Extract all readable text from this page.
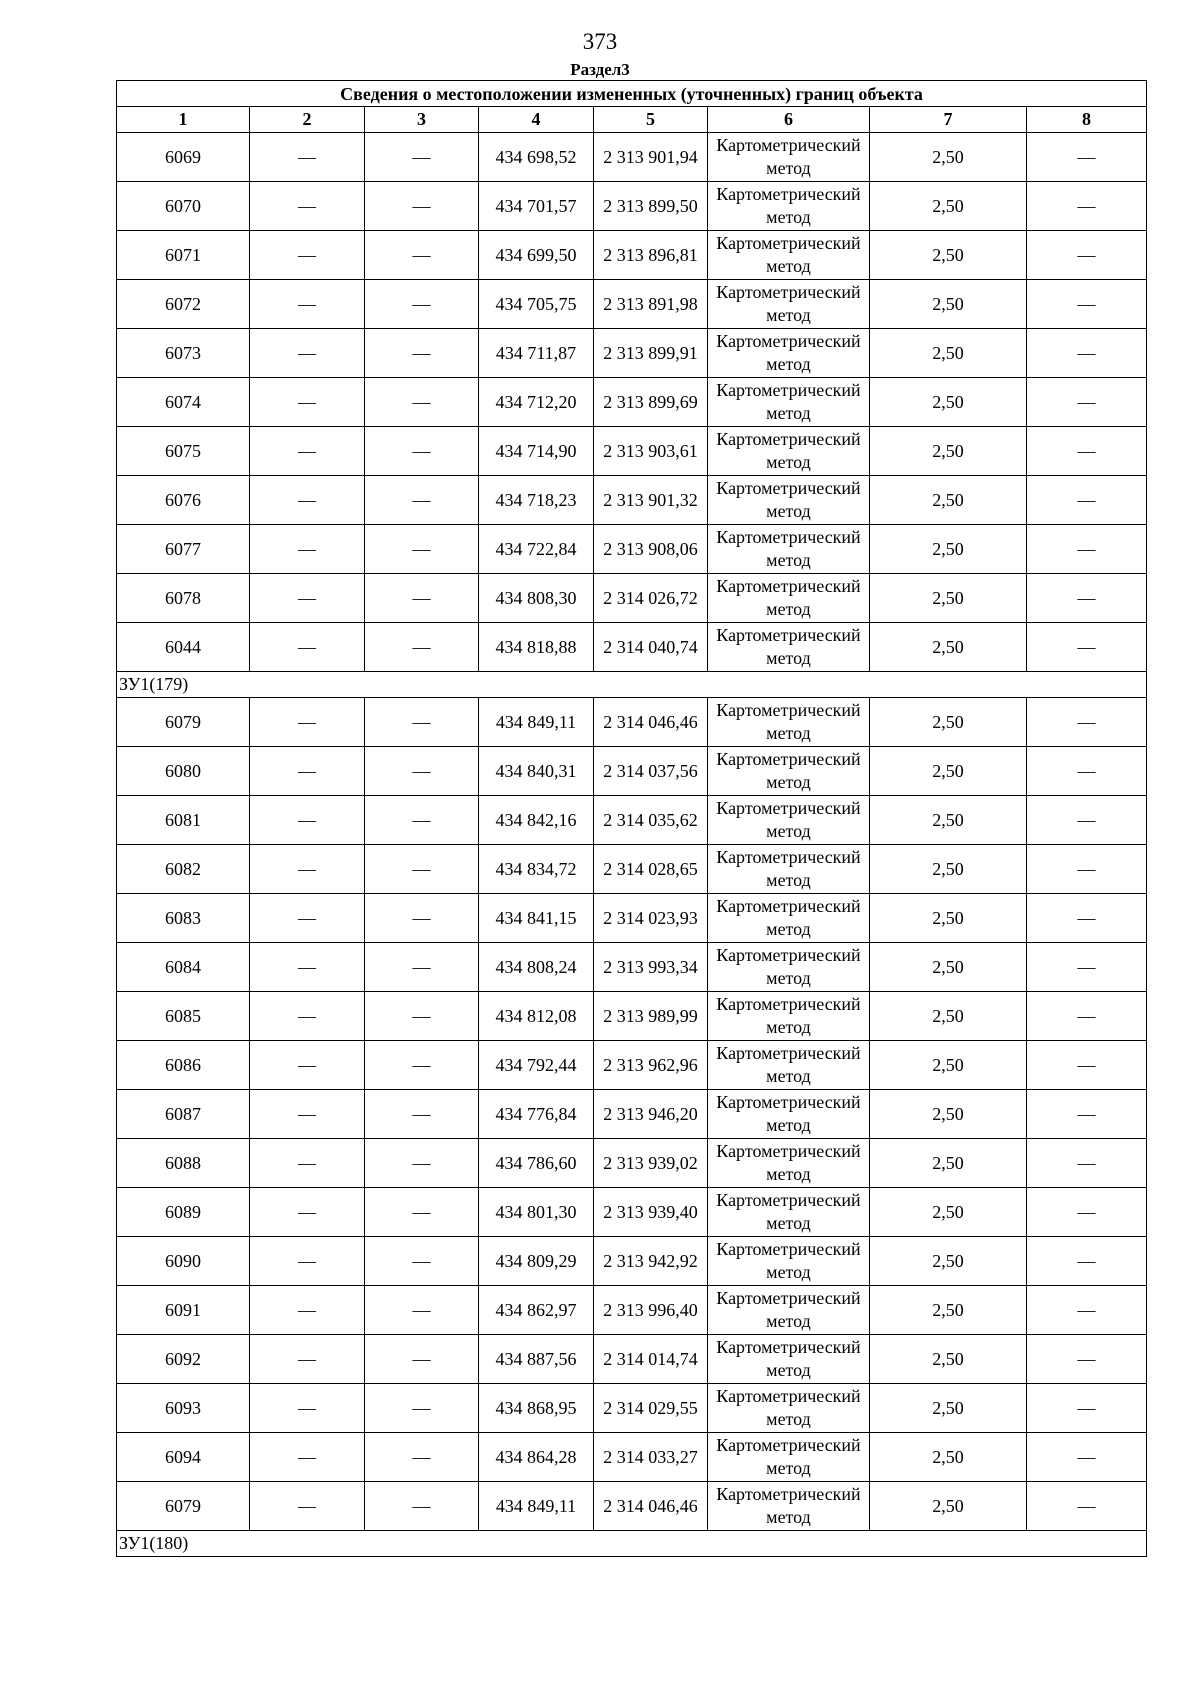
373
Раздел3
Сведения о местоположении измененных (уточненных) границ объекта							
1	2	3	4	5	6	7	8
6069	—	—	434 698,52	2 313 901,94	Картометрический метод	2,50	—
6070	—	—	434 701,57	2 313 899,50	Картометрический метод	2,50	—
6071	—	—	434 699,50	2 313 896,81	Картометрический метод	2,50	—
6072	—	—	434 705,75	2 313 891,98	Картометрический метод	2,50	—
6073	—	—	434 711,87	2 313 899,91	Картометрический метод	2,50	—
6074	—	—	434 712,20	2 313 899,69	Картометрический метод	2,50	—
6075	—	—	434 714,90	2 313 903,61	Картометрический метод	2,50	—
6076	—	—	434 718,23	2 313 901,32	Картометрический метод	2,50	—
6077	—	—	434 722,84	2 313 908,06	Картометрический метод	2,50	—
6078	—	—	434 808,30	2 314 026,72	Картометрический метод	2,50	—
6044	—	—	434 818,88	2 314 040,74	Картометрический метод	2,50	—
ЗУ1(179)							
6079	—	—	434 849,11	2 314 046,46	Картометрический метод	2,50	—
6080	—	—	434 840,31	2 314 037,56	Картометрический метод	2,50	—
6081	—	—	434 842,16	2 314 035,62	Картометрический метод	2,50	—
6082	—	—	434 834,72	2 314 028,65	Картометрический метод	2,50	—
6083	—	—	434 841,15	2 314 023,93	Картометрический метод	2,50	—
6084	—	—	434 808,24	2 313 993,34	Картометрический метод	2,50	—
6085	—	—	434 812,08	2 313 989,99	Картометрический метод	2,50	—
6086	—	—	434 792,44	2 313 962,96	Картометрический метод	2,50	—
6087	—	—	434 776,84	2 313 946,20	Картометрический метод	2,50	—
6088	—	—	434 786,60	2 313 939,02	Картометрический метод	2,50	—
6089	—	—	434 801,30	2 313 939,40	Картометрический метод	2,50	—
6090	—	—	434 809,29	2 313 942,92	Картометрический метод	2,50	—
6091	—	—	434 862,97	2 313 996,40	Картометрический метод	2,50	—
6092	—	—	434 887,56	2 314 014,74	Картометрический метод	2,50	—
6093	—	—	434 868,95	2 314 029,55	Картометрический метод	2,50	—
6094	—	—	434 864,28	2 314 033,27	Картометрический метод	2,50	—
6079	—	—	434 849,11	2 314 046,46	Картометрический метод	2,50	—
ЗУ1(180)							
